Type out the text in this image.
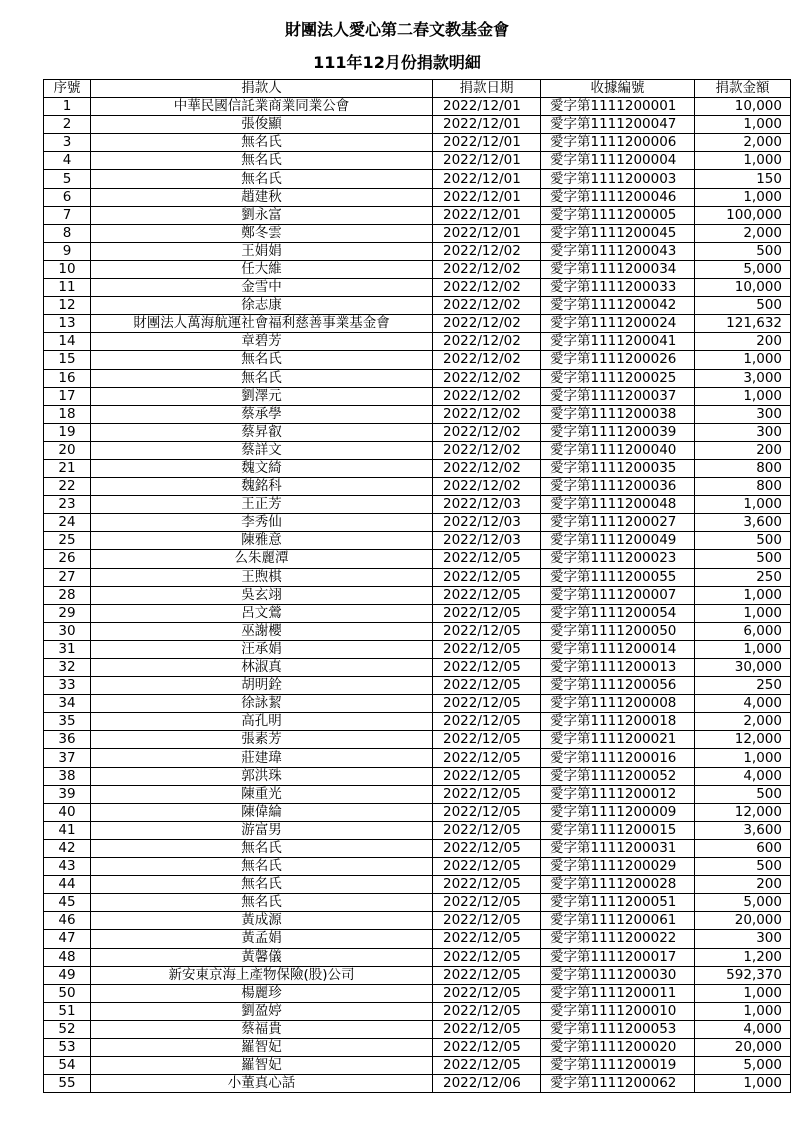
財團法人愛心第二春文教基金會
111年12月份捐款明細
序號	捐款人	捐款日期	收據編號	捐款金額
1	中華民國信託業商業同業公會	2022/12/01	愛字第1111200001	10,000
2	張俊顯	2022/12/01	愛字第1111200047	1,000
3	無名氏	2022/12/01	愛字第1111200006	2,000
4	無名氏	2022/12/01	愛字第1111200004	1,000
5	無名氏	2022/12/01	愛字第1111200003	150
6	趙建秋	2022/12/01	愛字第1111200046	1,000
7	劉永富	2022/12/01	愛字第1111200005	100,000
8	鄭冬雲	2022/12/01	愛字第1111200045	2,000
9	王娟娟	2022/12/02	愛字第1111200043	500
10	任大維	2022/12/02	愛字第1111200034	5,000
11	金雪中	2022/12/02	愛字第1111200033	10,000
12	徐志康	2022/12/02	愛字第1111200042	500
13	財團法人萬海航運社會福利慈善事業基金會	2022/12/02	愛字第1111200024	121,632
14	章碧芳	2022/12/02	愛字第1111200041	200
15	無名氏	2022/12/02	愛字第1111200026	1,000
16	無名氏	2022/12/02	愛字第1111200025	3,000
17	劉澤元	2022/12/02	愛字第1111200037	1,000
18	蔡承學	2022/12/02	愛字第1111200038	300
19	蔡昇叡	2022/12/02	愛字第1111200039	300
20	蔡詳文	2022/12/02	愛字第1111200040	200
21	魏文綺	2022/12/02	愛字第1111200035	800
22	魏銘科	2022/12/02	愛字第1111200036	800
23	王正芳	2022/12/03	愛字第1111200048	1,000
24	李秀仙	2022/12/03	愛字第1111200027	3,600
25	陳雅意	2022/12/03	愛字第1111200049	500
26	么朱麗潭	2022/12/05	愛字第1111200023	500
27	王煦棋	2022/12/05	愛字第1111200055	250
28	吳玄翊	2022/12/05	愛字第1111200007	1,000
29	呂文鶯	2022/12/05	愛字第1111200054	1,000
30	巫謝櫻	2022/12/05	愛字第1111200050	6,000
31	汪承娟	2022/12/05	愛字第1111200014	1,000
32	林淑真	2022/12/05	愛字第1111200013	30,000
33	胡明銓	2022/12/05	愛字第1111200056	250
34	徐詠絜	2022/12/05	愛字第1111200008	4,000
35	高孔明	2022/12/05	愛字第1111200018	2,000
36	張素芳	2022/12/05	愛字第1111200021	12,000
37	莊建瑋	2022/12/05	愛字第1111200016	1,000
38	郭洪珠	2022/12/05	愛字第1111200052	4,000
39	陳重光	2022/12/05	愛字第1111200012	500
40	陳偉綸	2022/12/05	愛字第1111200009	12,000
41	游富男	2022/12/05	愛字第1111200015	3,600
42	無名氏	2022/12/05	愛字第1111200031	600
43	無名氏	2022/12/05	愛字第1111200029	500
44	無名氏	2022/12/05	愛字第1111200028	200
45	無名氏	2022/12/05	愛字第1111200051	5,000
46	黃成源	2022/12/05	愛字第1111200061	20,000
47	黃孟娟	2022/12/05	愛字第1111200022	300
48	黃馨儀	2022/12/05	愛字第1111200017	1,200
49	新安東京海上產物保險(股)公司	2022/12/05	愛字第1111200030	592,370
50	楊麗珍	2022/12/05	愛字第1111200011	1,000
51	劉盈婷	2022/12/05	愛字第1111200010	1,000
52	蔡福貴	2022/12/05	愛字第1111200053	4,000
53	羅智妃	2022/12/05	愛字第1111200020	20,000
54	羅智妃	2022/12/05	愛字第1111200019	5,000
55	小董真心話	2022/12/06	愛字第1111200062	1,000
